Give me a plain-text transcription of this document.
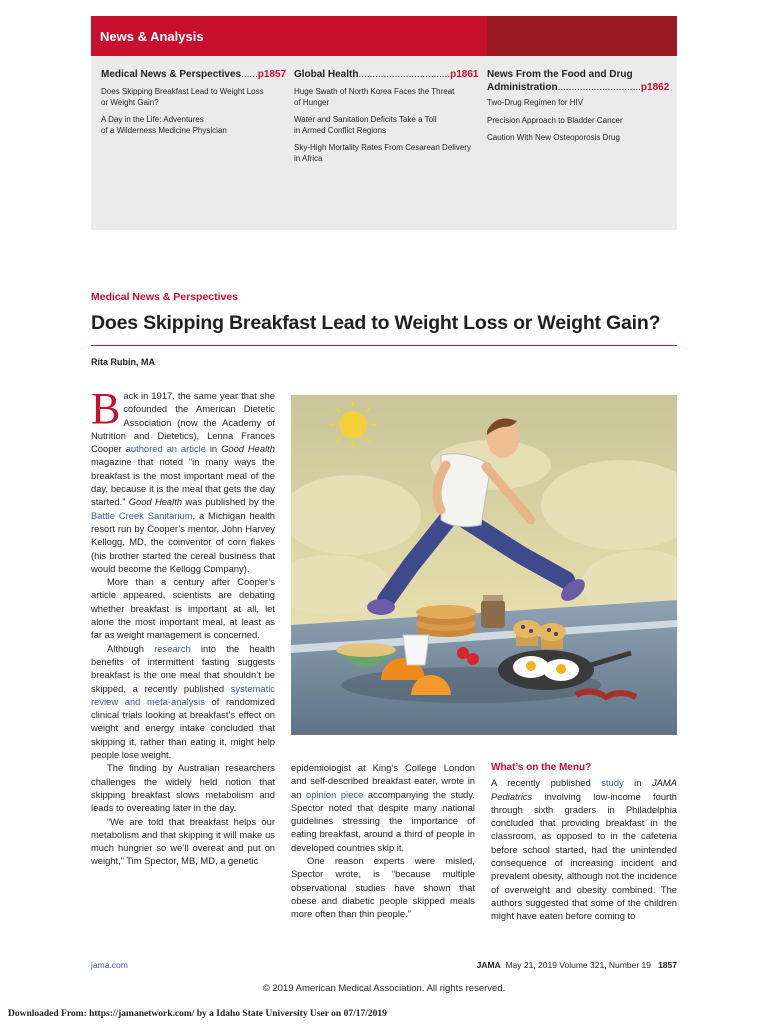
News & Analysis
Medical News & Perspectives......p1857

Does Skipping Breakfast Lead to Weight Loss
or Weight Gain?

A Day in the Life: Adventures
of a Wilderness Medicine Physician

Global Health.................................p1861

Huge Swath of North Korea Faces the Threat
of Hunger

Water and Sanitation Deficits Take a Toll
in Armed Conflict Regions

Sky-High Mortality Rates From Cesarean Delivery
in Africa

News From the Food and Drug
Administration..............................p1862

Two-Drug Regimen for HIV

Precision Approach to Bladder Cancer

Caution With New Osteoporosis Drug

Medical News & Perspectives
Does Skipping Breakfast Lead to Weight Loss or Weight Gain?
Rita Rubin, MA

Back in 1917, the same year that she cofounded the American Dietetic Association (now the Academy of Nutrition and Dietetics), Lenna Frances Cooper authored an article in Good Health magazine that noted “in many ways the breakfast is the most important meal of the day, because it is the meal that gets the day started.” Good Health was published by the Battle Creek Sanitarium, a Michigan health resort run by Cooper’s mentor, John Harvey Kellogg, MD, the coinventor of corn flakes (his brother started the cereal business that would become the Kellogg Company).

More than a century after Cooper’s article appeared, scientists are debating whether breakfast is important at all, let alone the most important meal, at least as far as weight management is concerned.

Although research into the health benefits of intermittent fasting suggests breakfast is the one meal that shouldn’t be skipped, a recently published systematic review and meta-analysis of randomized clinical trials looking at breakfast’s effect on weight and energy intake concluded that skipping it, rather than eating it, might help people lose weight.

The finding by Australian researchers challenges the widely held notion that skipping breakfast slows metabolism and leads to overeating later in the day.

“We are told that breakfast helps our metabolism and that skipping it will make us much hungrier so we’ll overeat and put on weight,” Tim Spector, MB, MD, a genetic

~

epidemiologist at King’s College London and self-described breakfast eater, wrote in an opinion piece accompanying the study. Spector noted that despite many national guidelines stressing the importance of eating breakfast, around a third of people in developed countries skip it.

One reason experts were misled, Spector wrote, is “because multiple observational studies have shown that obese and diabetic people skipped meals more often than thin people.”

What’s on the Menu?

A recently published study in JAMA Pediatrics involving low-income fourth through sixth graders in Philadelphia concluded that providing breakfast in the classroom, as opposed to in the cafeteria before school started, had the unintended consequence of increasing incident and prevalent obesity, although not the incidence of overweight and obesity combined. The authors suggested that some of the children might have eaten before coming to

jama.com	JAMA May 21, 2019 Volume 321, Number 19 1857
© 2019 American Medical Association. All rights reserved.
Downloaded From: https://jamanetwork.com/ by a Idaho State University User on 07/17/2019
